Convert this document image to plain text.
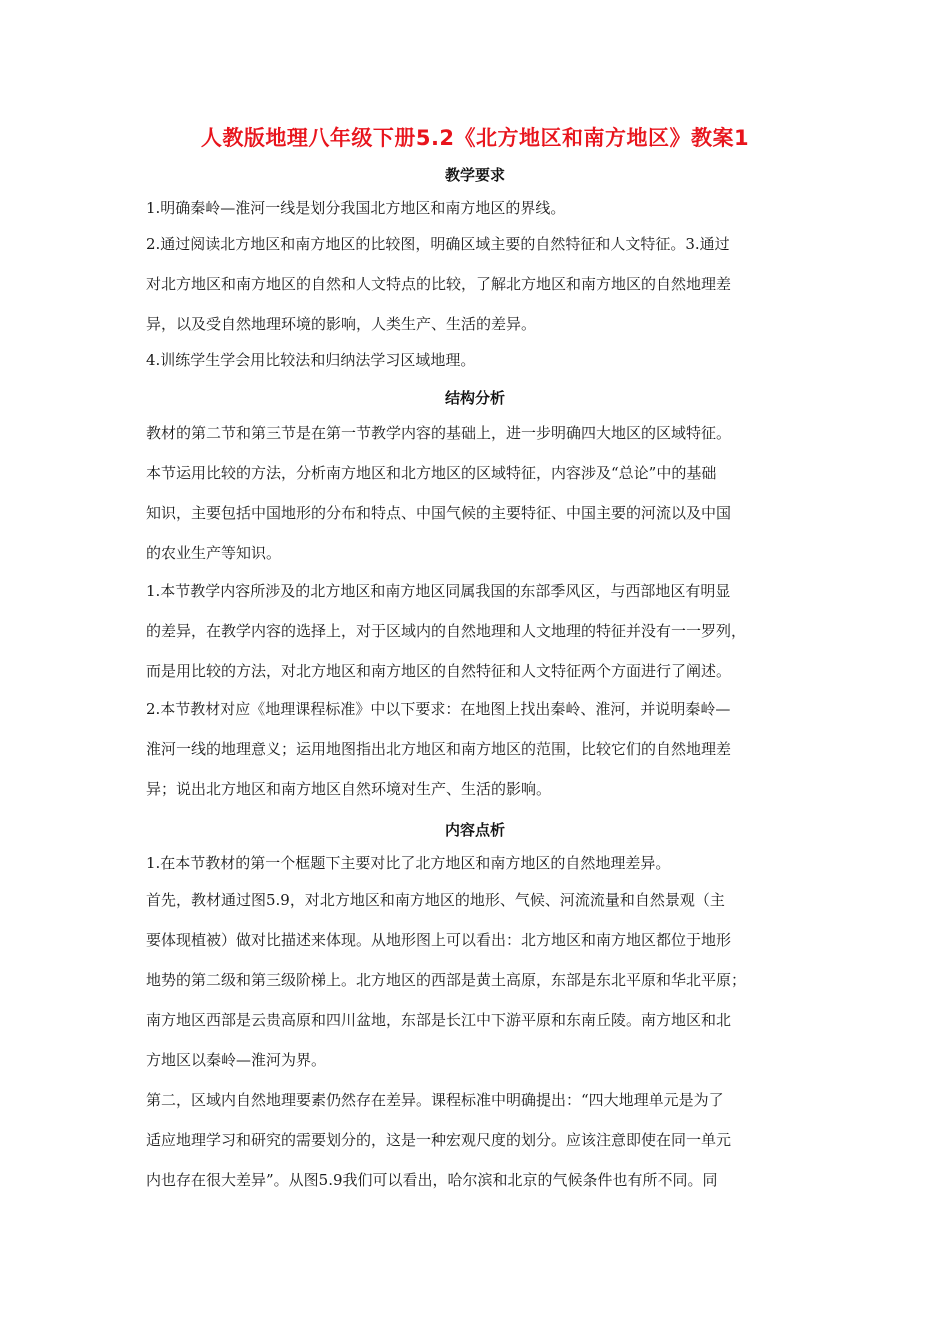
人教版地理八年级下册5.2《北方地区和南方地区》教案1
教学要求
1.明确秦岭—淮河一线是划分我国北方地区和南方地区的界线。
2.通过阅读北方地区和南方地区的比较图，明确区域主要的自然特征和人文特征。3.通过
对北方地区和南方地区的自然和人文特点的比较，了解北方地区和南方地区的自然地理差
异，以及受自然地理环境的影响，人类生产、生活的差异。
4.训练学生学会用比较法和归纳法学习区域地理。
结构分析
教材的第二节和第三节是在第一节教学内容的基础上，进一步明确四大地区的区域特征。
本节运用比较的方法，分析南方地区和北方地区的区域特征，内容涉及“总论”中的基础
知识，主要包括中国地形的分布和特点、中国气候的主要特征、中国主要的河流以及中国
的农业生产等知识。
1.本节教学内容所涉及的北方地区和南方地区同属我国的东部季风区，与西部地区有明显
的差异，在教学内容的选择上，对于区域内的自然地理和人文地理的特征并没有一一罗列，
而是用比较的方法，对北方地区和南方地区的自然特征和人文特征两个方面进行了阐述。
2.本节教材对应《地理课程标准》中以下要求：在地图上找出秦岭、淮河，并说明秦岭—
淮河一线的地理意义；运用地图指出北方地区和南方地区的范围，比较它们的自然地理差
异；说出北方地区和南方地区自然环境对生产、生活的影响。
内容点析
1.在本节教材的第一个框题下主要对比了北方地区和南方地区的自然地理差异。
首先，教材通过图5.9，对北方地区和南方地区的地形、气候、河流流量和自然景观（主
要体现植被）做对比描述来体现。从地形图上可以看出：北方地区和南方地区都位于地形
地势的第二级和第三级阶梯上。北方地区的西部是黄土高原，东部是东北平原和华北平原；
南方地区西部是云贵高原和四川盆地，东部是长江中下游平原和东南丘陵。南方地区和北
方地区以秦岭—淮河为界。
第二，区域内自然地理要素仍然存在差异。课程标准中明确提出：“四大地理单元是为了
适应地理学习和研究的需要划分的，这是一种宏观尺度的划分。应该注意即使在同一单元
内也存在很大差异”。从图5.9我们可以看出，哈尔滨和北京的气候条件也有所不同。同
